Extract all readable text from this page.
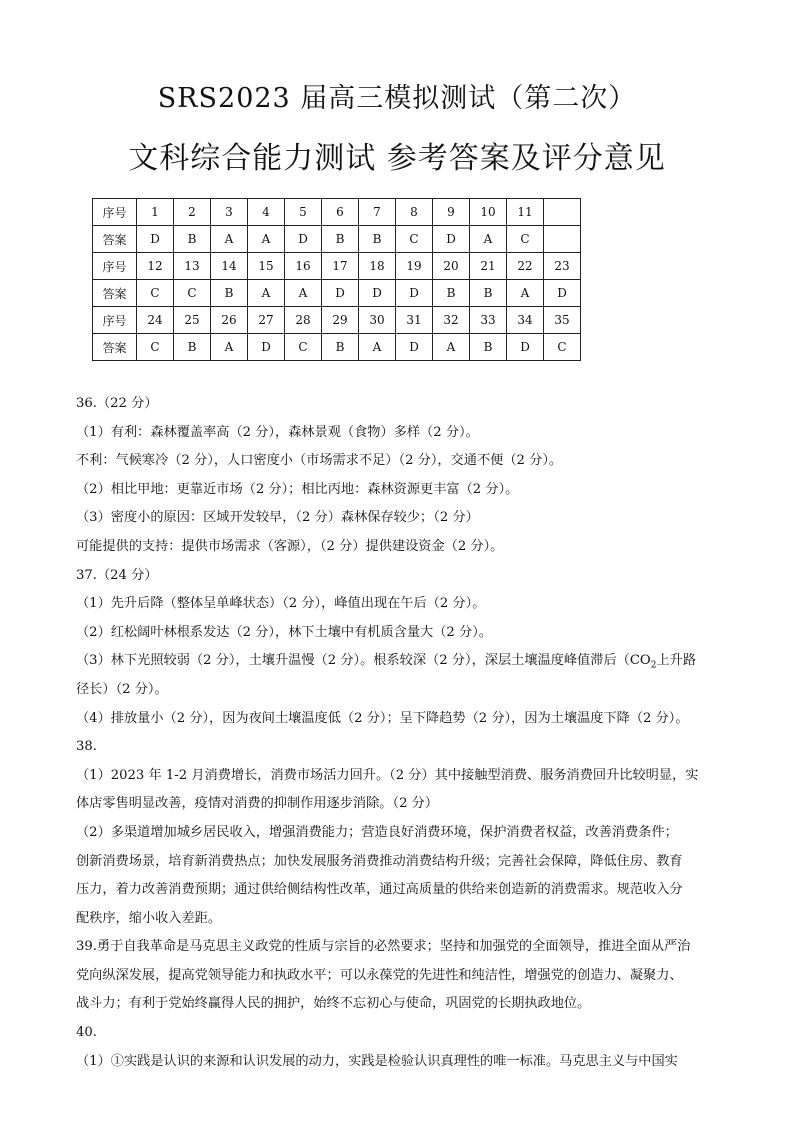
SRS2023 届高三模拟测试（第二次）
文科综合能力测试 参考答案及评分意见
序号	1	2	3	4	5	6	7	8	9	10	11	
答案	D	B	A	A	D	B	B	C	D	A	C	
序号	12	13	14	15	16	17	18	19	20	21	22	23
答案	C	C	B	A	A	D	D	D	B	B	A	D
序号	24	25	26	27	28	29	30	31	32	33	34	35
答案	C	B	A	D	C	B	A	D	A	B	D	C

36.（22 分）

（1）有利：森林覆盖率高（2 分），森林景观（食物）多样（2 分）。

不利：气候寒冷（2 分），人口密度小（市场需求不足）（2 分），交通不便（2 分）。

（2）相比甲地：更靠近市场（2 分）；相比丙地：森林资源更丰富（2 分）。

（3）密度小的原因：区域开发较早，（2 分）森林保存较少；（2 分）

可能提供的支持：提供市场需求（客源），（2 分）提供建设资金（2 分）。

37.（24 分）

（1）先升后降（整体呈单峰状态）（2 分），峰值出现在午后（2 分）。

（2）红松阔叶林根系发达（2 分），林下土壤中有机质含量大（2 分）。

（3）林下光照较弱（2 分），土壤升温慢（2 分）。根系较深（2 分），深层土壤温度峰值滞后（$CO_2$上升路

径长）（2 分）。

（4）排放量小（2 分），因为夜间土壤温度低（2 分）；呈下降趋势（2 分），因为土壤温度下降（2 分）。

38.

（1）2023 年 1-2 月消费增长，消费市场活力回升。（2 分）其中接触型消费、服务消费回升比较明显，实

体店零售明显改善，疫情对消费的抑制作用逐步消除。（2 分）

（2）多渠道增加城乡居民收入，增强消费能力；营造良好消费环境，保护消费者权益，改善消费条件；

创新消费场景，培育新消费热点；加快发展服务消费推动消费结构升级；完善社会保障，降低住房、教育

压力，着力改善消费预期；通过供给侧结构性改革，通过高质量的供给来创造新的消费需求。规范收入分

配秩序，缩小收入差距。

39.勇于自我革命是马克思主义政党的性质与宗旨的必然要求；坚持和加强党的全面领导，推进全面从严治

党向纵深发展，提高党领导能力和执政水平；可以永葆党的先进性和纯洁性，增强党的创造力、凝聚力、

战斗力；有利于党始终赢得人民的拥护，始终不忘初心与使命，巩固党的长期执政地位。

40.

（1）①实践是认识的来源和认识发展的动力，实践是检验认识真理性的唯一标准。马克思主义与中国实
